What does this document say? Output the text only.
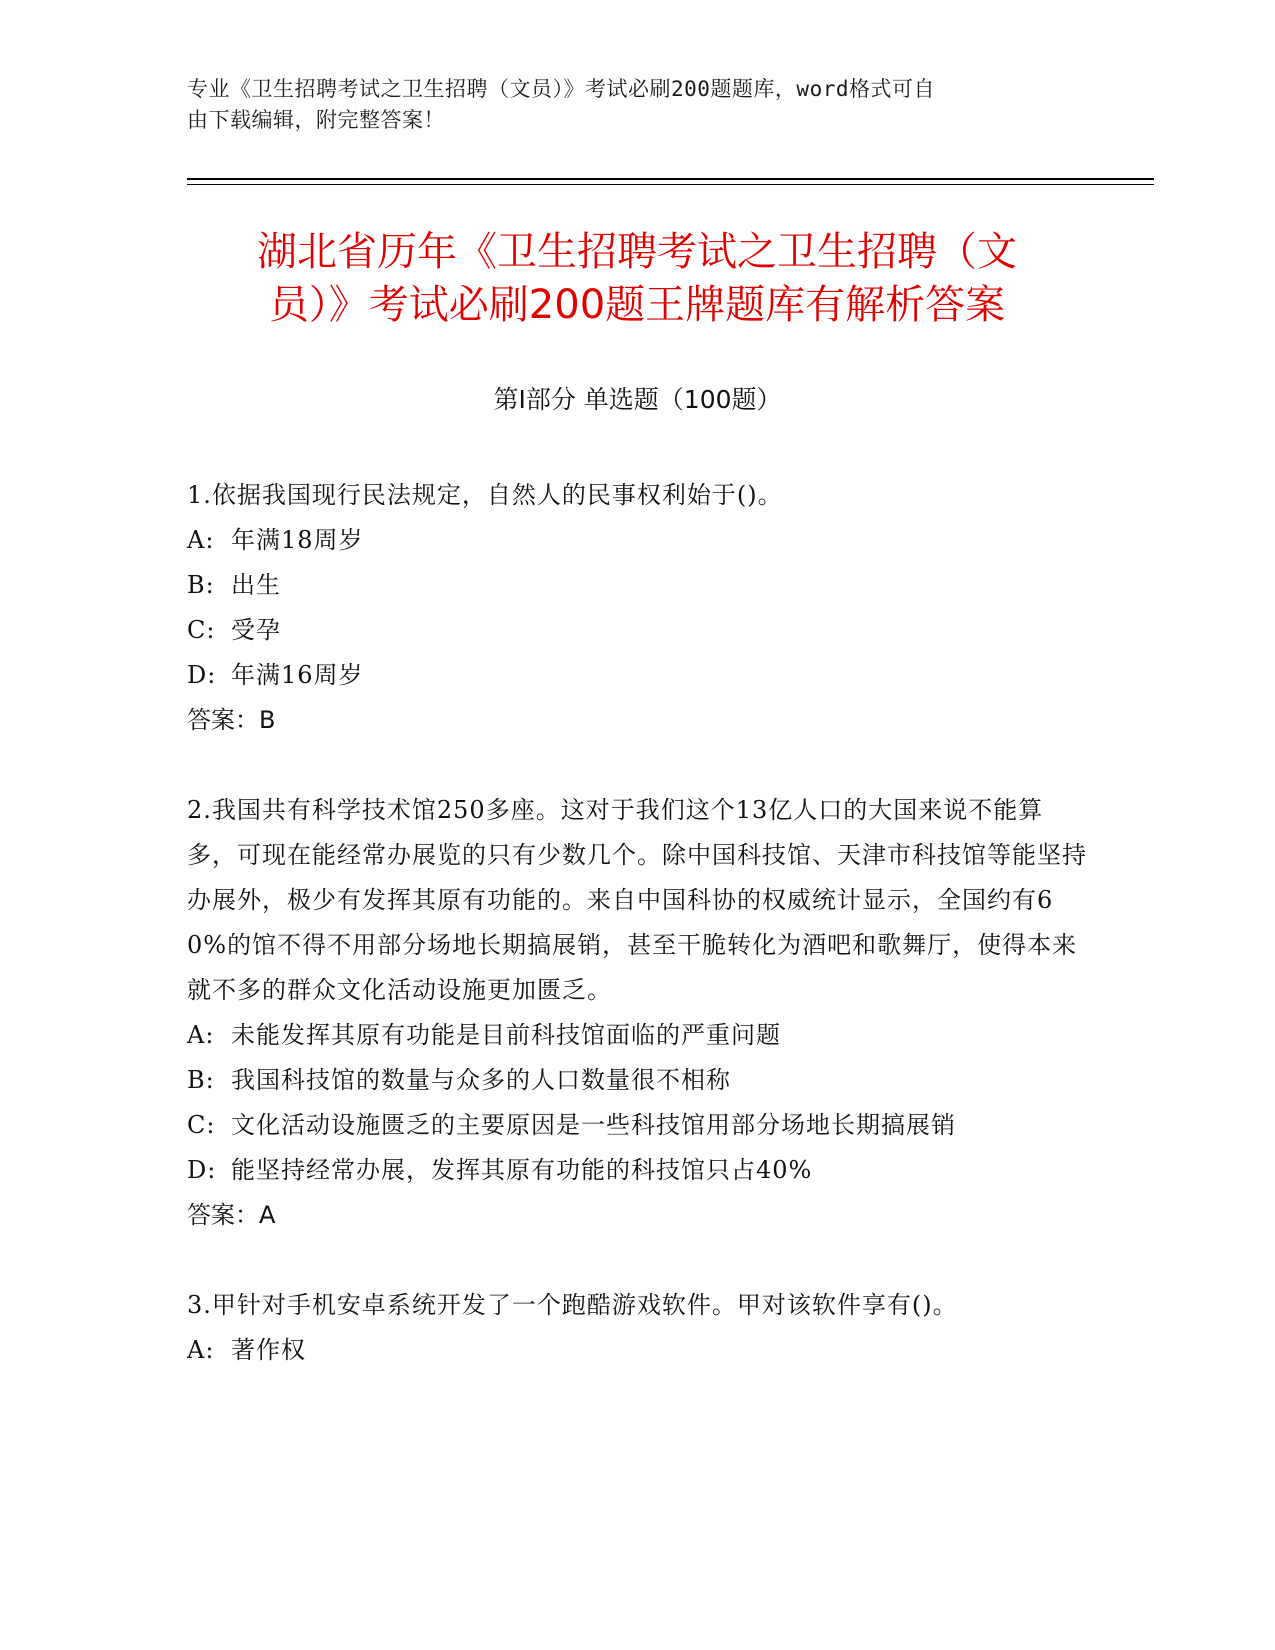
专业《卫生招聘考试之卫生招聘（文员）》考试必刷200题题库，word格式可自
由下载编辑，附完整答案！
湖北省历年《卫生招聘考试之卫生招聘（文
员）》考试必刷200题王牌题库有解析答案
第Ⅰ部分 单选题（100题）

1.依据我国现行民法规定，自然人的民事权利始于()。

A: 年满18周岁

B: 出生

C: 受孕

D: 年满16周岁

答案：B

2.我国共有科学技术馆250多座。这对于我们这个13亿人口的大国来说不能算多，可现在能经常办展览的只有少数几个。除中国科技馆、天津市科技馆等能坚持办展外，极少有发挥其原有功能的。来自中国科协的权威统计显示，全国约有60%的馆不得不用部分场地长期搞展销，甚至干脆转化为酒吧和歌舞厅，使得本来就不多的群众文化活动设施更加匮乏。

A: 未能发挥其原有功能是目前科技馆面临的严重问题

B: 我国科技馆的数量与众多的人口数量很不相称

C: 文化活动设施匮乏的主要原因是一些科技馆用部分场地长期搞展销

D: 能坚持经常办展，发挥其原有功能的科技馆只占40%

答案：A

3.甲针对手机安卓系统开发了一个跑酷游戏软件。甲对该软件享有()。

A: 著作权
